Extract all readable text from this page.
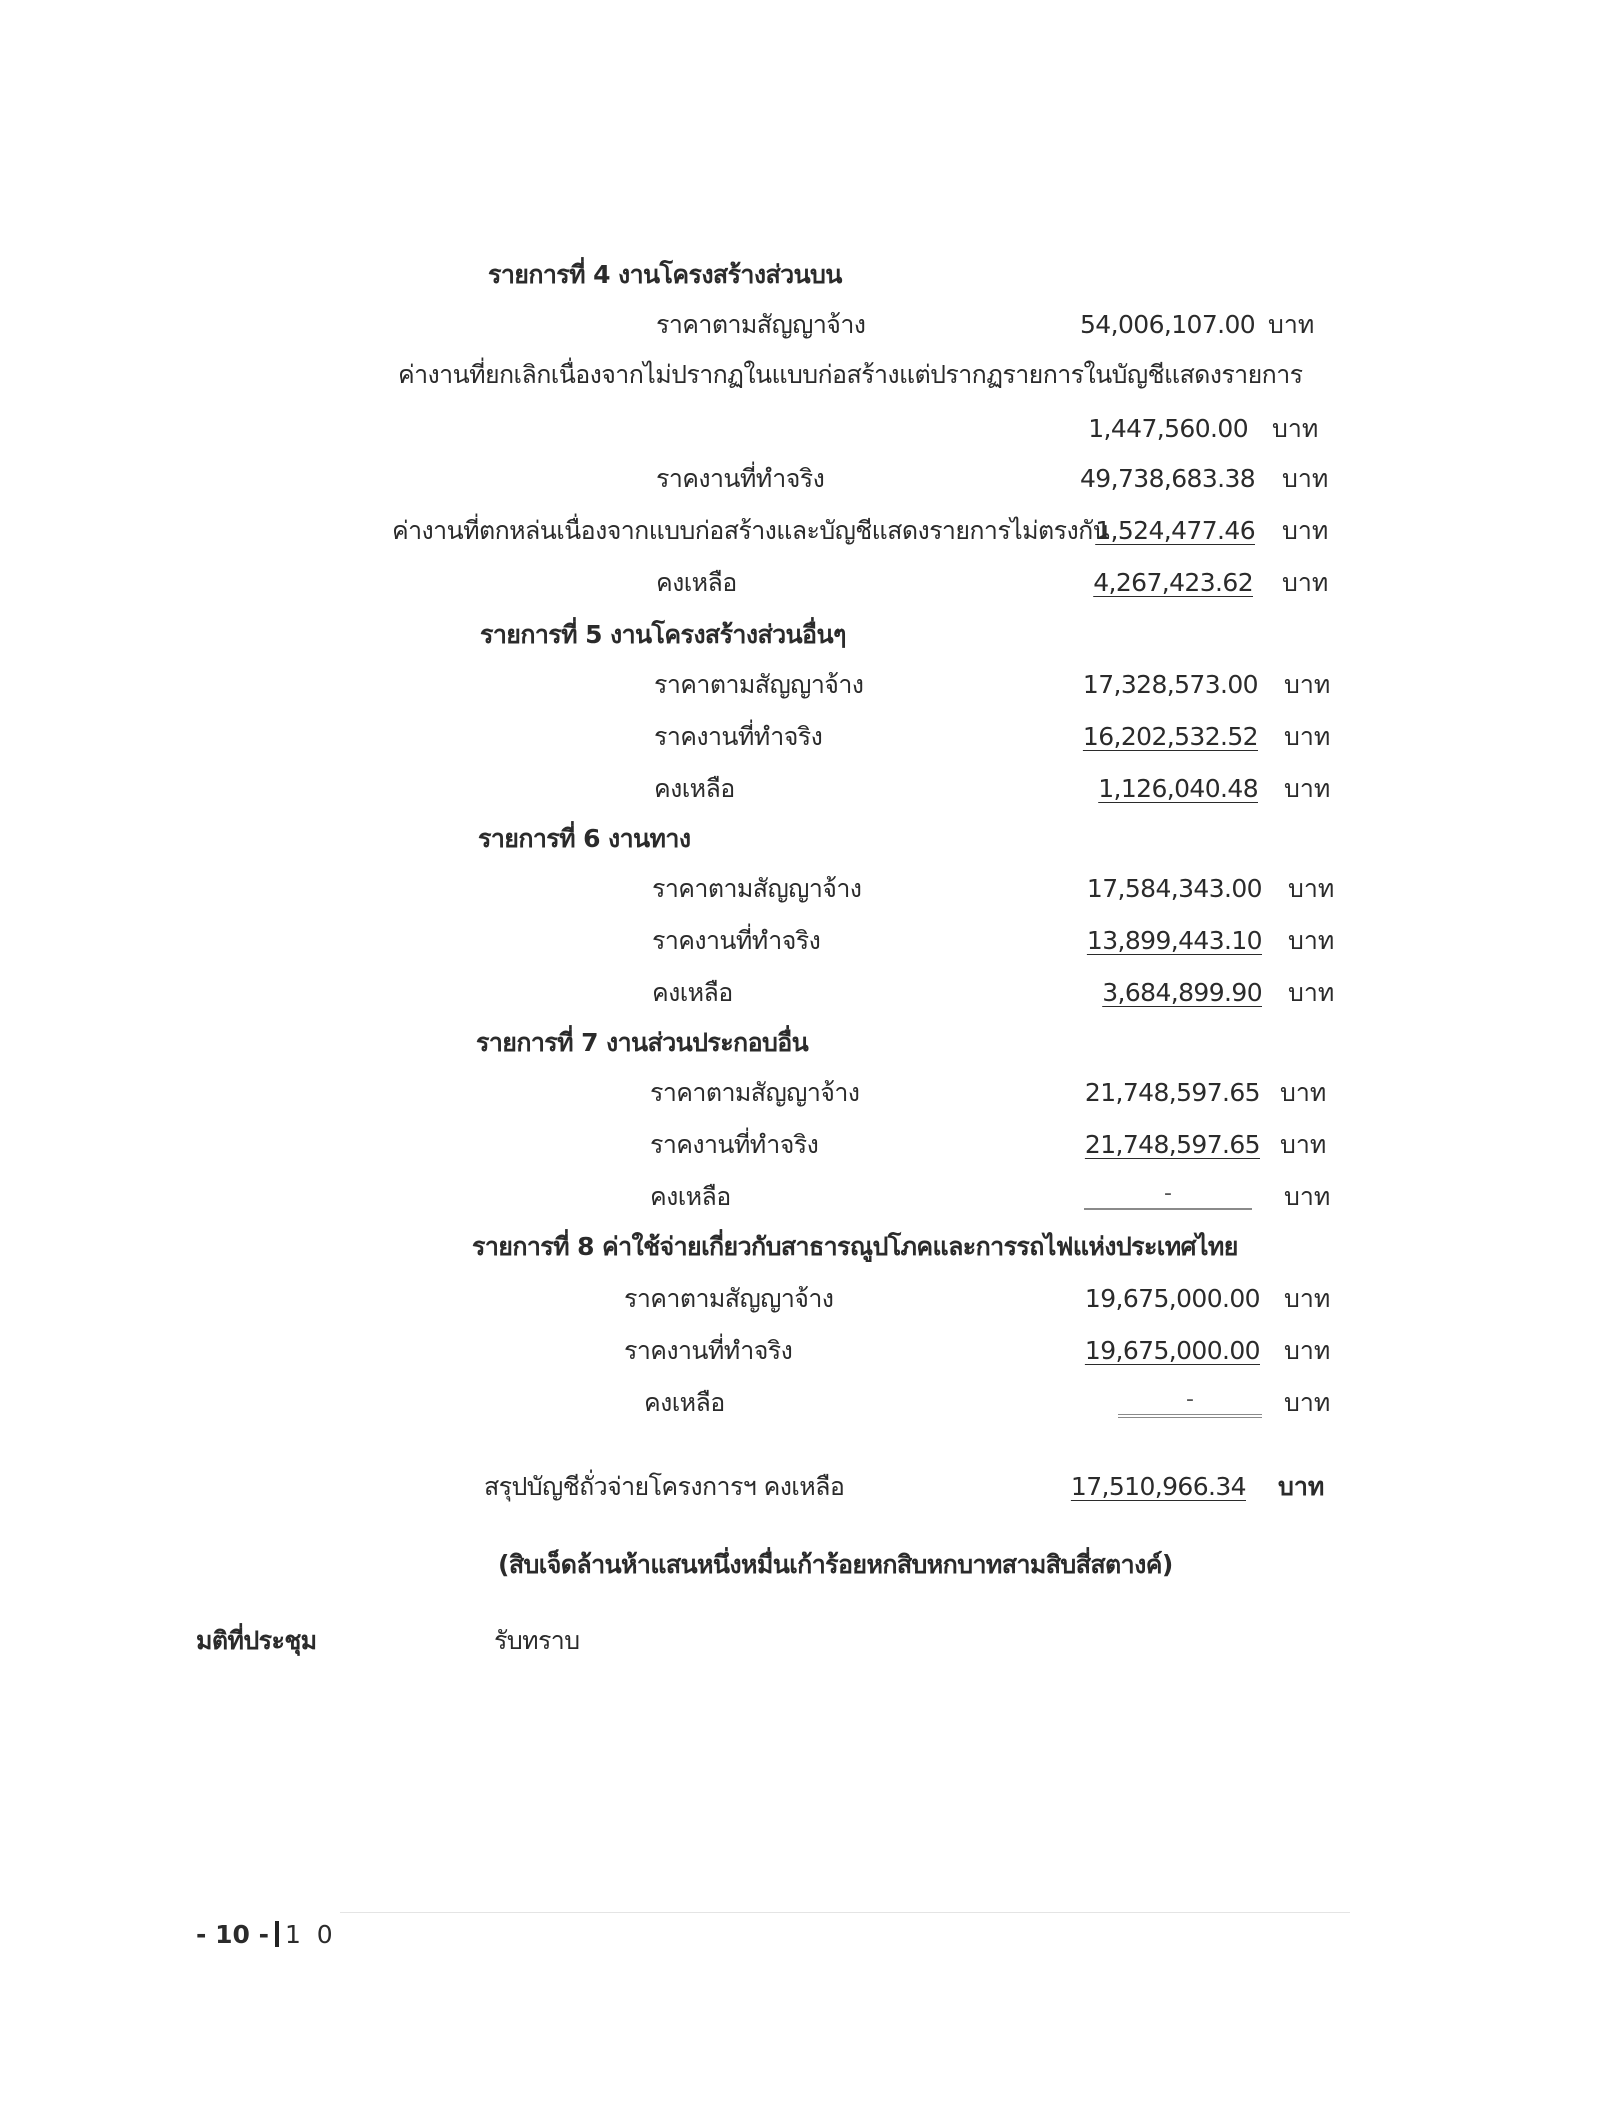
รายการที่ 4 งานโครงสร้างส่วนบน
ราคาตามสัญญาจ้าง	54,006,107.00 บาท
ค่างานที่ยกเลิกเนื่องจากไม่ปรากฏในแบบก่อสร้างแต่ปรากฏรายการในบัญชีแสดงรายการ
1,447,560.00 บาท
ราคงานที่ทำจริง	49,738,683.38 บาท
ค่างานที่ตกหล่นเนื่องจากแบบก่อสร้างและบัญชีแสดงรายการไม่ตรงกัน
1,524,477.46 บาท
คงเหลือ	4,267,423.62 บาท
รายการที่ 5 งานโครงสร้างส่วนอื่นๆ
ราคาตามสัญญาจ้าง	17,328,573.00 บาท
ราคงานที่ทำจริง	16,202,532.52 บาท
คงเหลือ	1,126,040.48 บาท
รายการที่ 6 งานทาง
ราคาตามสัญญาจ้าง	17,584,343.00 บาท
ราคงานที่ทำจริง	13,899,443.10 บาท
คงเหลือ	3,684,899.90 บาท
รายการที่ 7 งานส่วนประกอบอื่น
ราคาตามสัญญาจ้าง	21,748,597.65 บาท
ราคงานที่ทำจริง	21,748,597.65 บาท
คงเหลือ	-	บาท
รายการที่ 8 ค่าใช้จ่ายเกี่ยวกับสาธารณูปโภคและการรถไฟแห่งประเทศไทย
ราคาตามสัญญาจ้าง	19,675,000.00 บาท
ราคงานที่ทำจริง	19,675,000.00 บาท
คงเหลือ	-	บาท
สรุปบัญชีถั่วจ่ายโครงการฯ คงเหลือ	17,510,966.34 บาท
(สิบเจ็ดล้านห้าแสนหนึ่งหมื่นเก้าร้อยหกสิบหกบาทสามสิบสี่สตางค์)
มติที่ประชุม	รับทราบ
- 10 - 1 0
